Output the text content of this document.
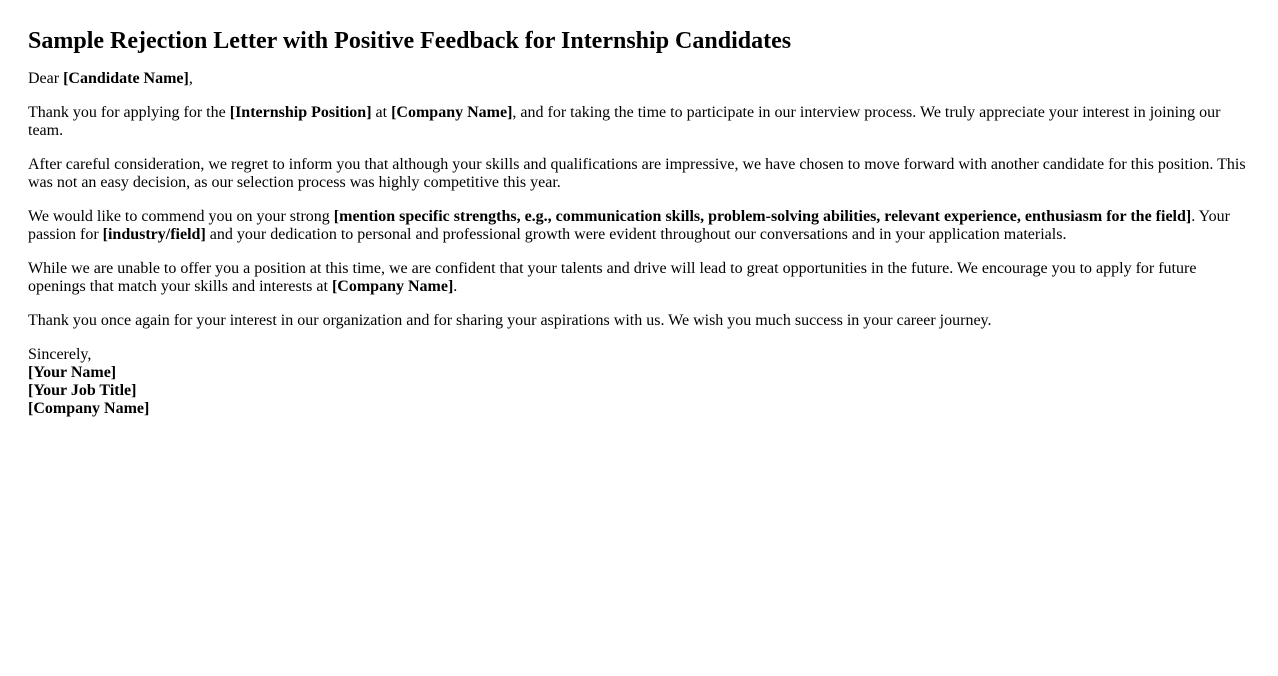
Sample Rejection Letter with Positive Feedback for Internship Candidates

Dear [Candidate Name],

Thank you for applying for the [Internship Position] at [Company Name], and for taking the time to participate in our interview process. We truly appreciate your interest in joining our team.

After careful consideration, we regret to inform you that although your skills and qualifications are impressive, we have chosen to move forward with another candidate for this position. This was not an easy decision, as our selection process was highly competitive this year.

We would like to commend you on your strong [mention specific strengths, e.g., communication skills, problem-solving abilities, relevant experience, enthusiasm for the field]. Your passion for [industry/field] and your dedication to personal and professional growth were evident throughout our conversations and in your application materials.

While we are unable to offer you a position at this time, we are confident that your talents and drive will lead to great opportunities in the future. We encourage you to apply for future openings that match your skills and interests at [Company Name].

Thank you once again for your interest in our organization and for sharing your aspirations with us. We wish you much success in your career journey.

Sincerely,
[Your Name]
[Your Job Title]
[Company Name]
